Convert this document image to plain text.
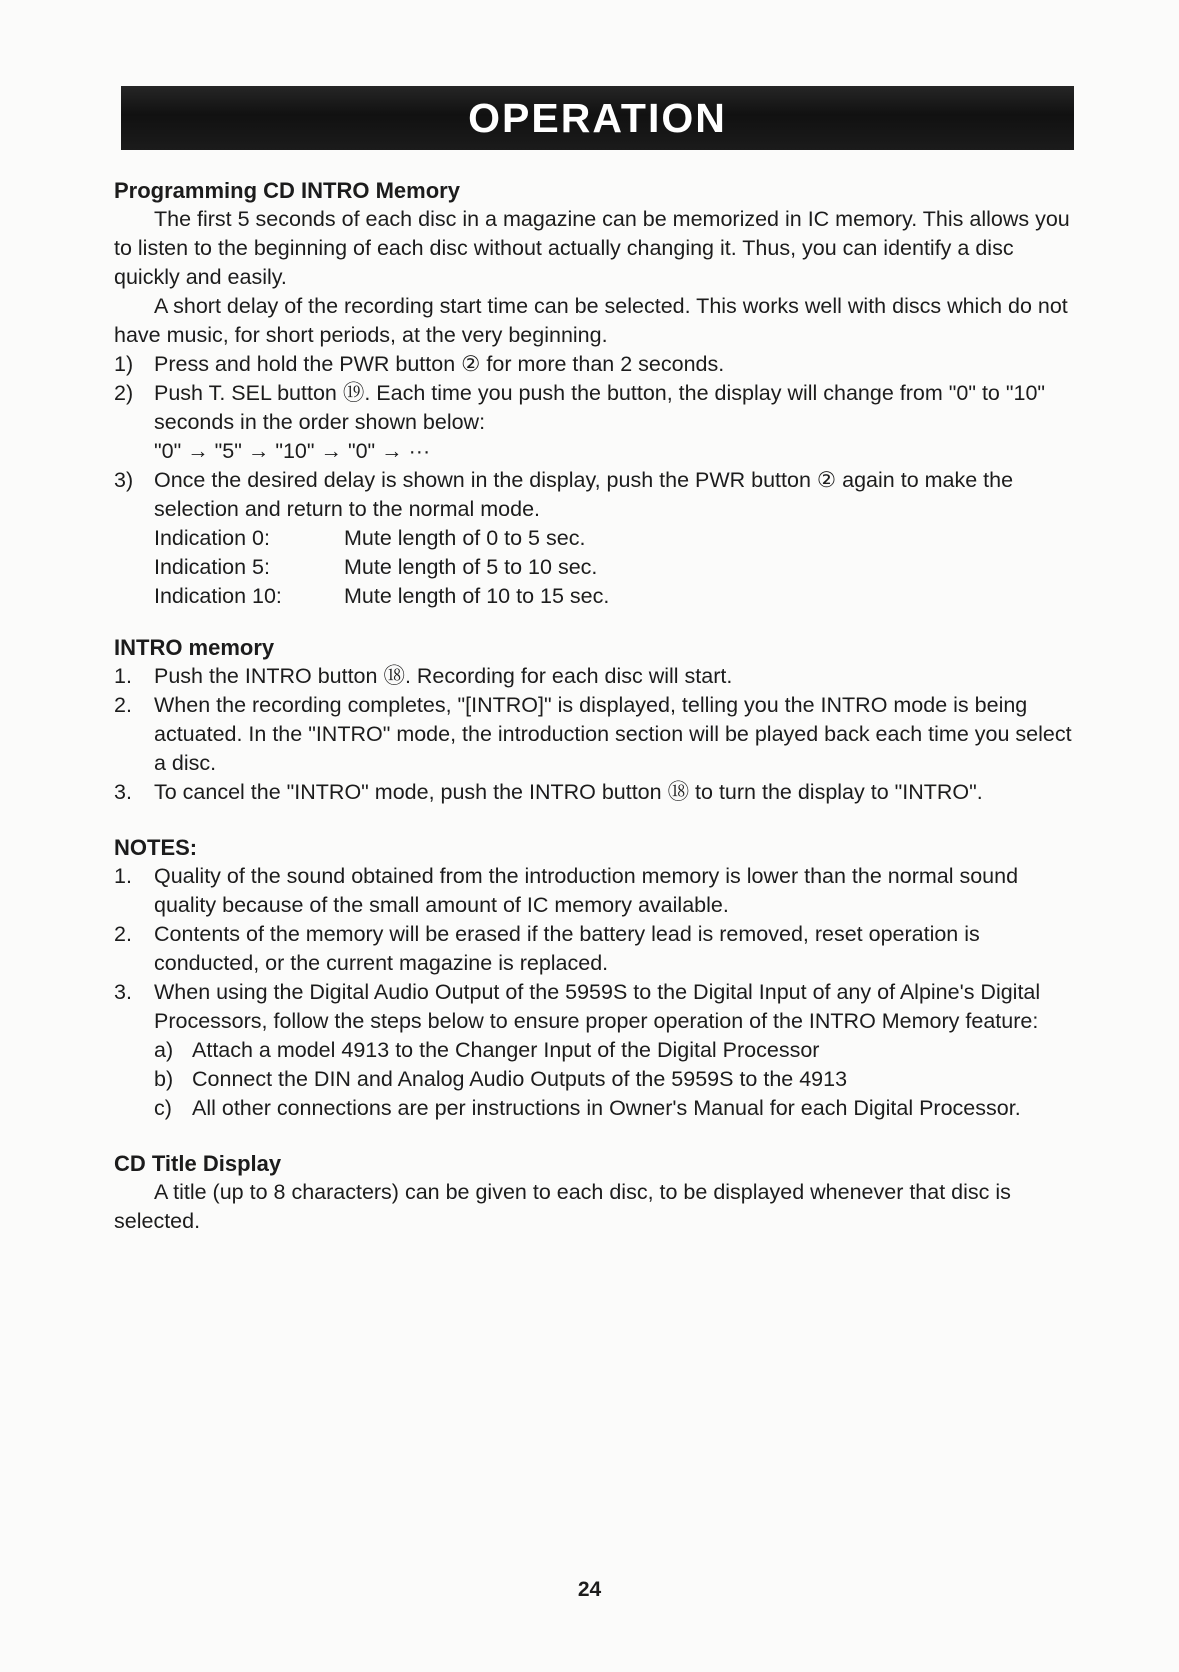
OPERATION

Programming CD INTRO Memory

The first 5 seconds of each disc in a magazine can be memorized in IC memory. This allows you to listen to the beginning of each disc without actually changing it. Thus, you can identify a disc quickly and easily.

A short delay of the recording start time can be selected. This works well with discs which do not have music, for short periods, at the very beginning.

1) Press and hold the PWR button ② for more than 2 seconds.
2) Push T. SEL button ⑲. Each time you push the button, the display will change from "0" to "10" seconds in the order shown below:

"0" → "5" → "10" → "0" → ···

3) Once the desired delay is shown in the display, push the PWR button ② again to make the selection and return to the normal mode.
Indication 0:	Mute length of 0 to 5 sec.
Indication 5:	Mute length of 5 to 10 sec.
Indication 10:	Mute length of 10 to 15 sec.

INTRO memory

1.	Push the INTRO button ⑱. Recording for each disc will start.
2.	When the recording completes, "[INTRO]" is displayed, telling you the INTRO mode is being actuated. In the "INTRO" mode, the introduction section will be played back each time you select a disc.
3.	To cancel the "INTRO" mode, push the INTRO button ⑱ to turn the display to "INTRO".

NOTES:

1.	Quality of the sound obtained from the introduction memory is lower than the normal sound quality because of the small amount of IC memory available.
2.	Contents of the memory will be erased if the battery lead is removed, reset operation is conducted, or the current magazine is replaced.
3.	When using the Digital Audio Output of the 5959S to the Digital Input of any of Alpine's Digital Processors, follow the steps below to ensure proper operation of the INTRO Memory feature:
a) Attach a model 4913 to the Changer Input of the Digital Processor
b) Connect the DIN and Analog Audio Outputs of the 5959S to the 4913
c) All other connections are per instructions in Owner's Manual for each Digital Processor.

CD Title Display

A title (up to 8 characters) can be given to each disc, to be displayed whenever that disc is selected.

24
